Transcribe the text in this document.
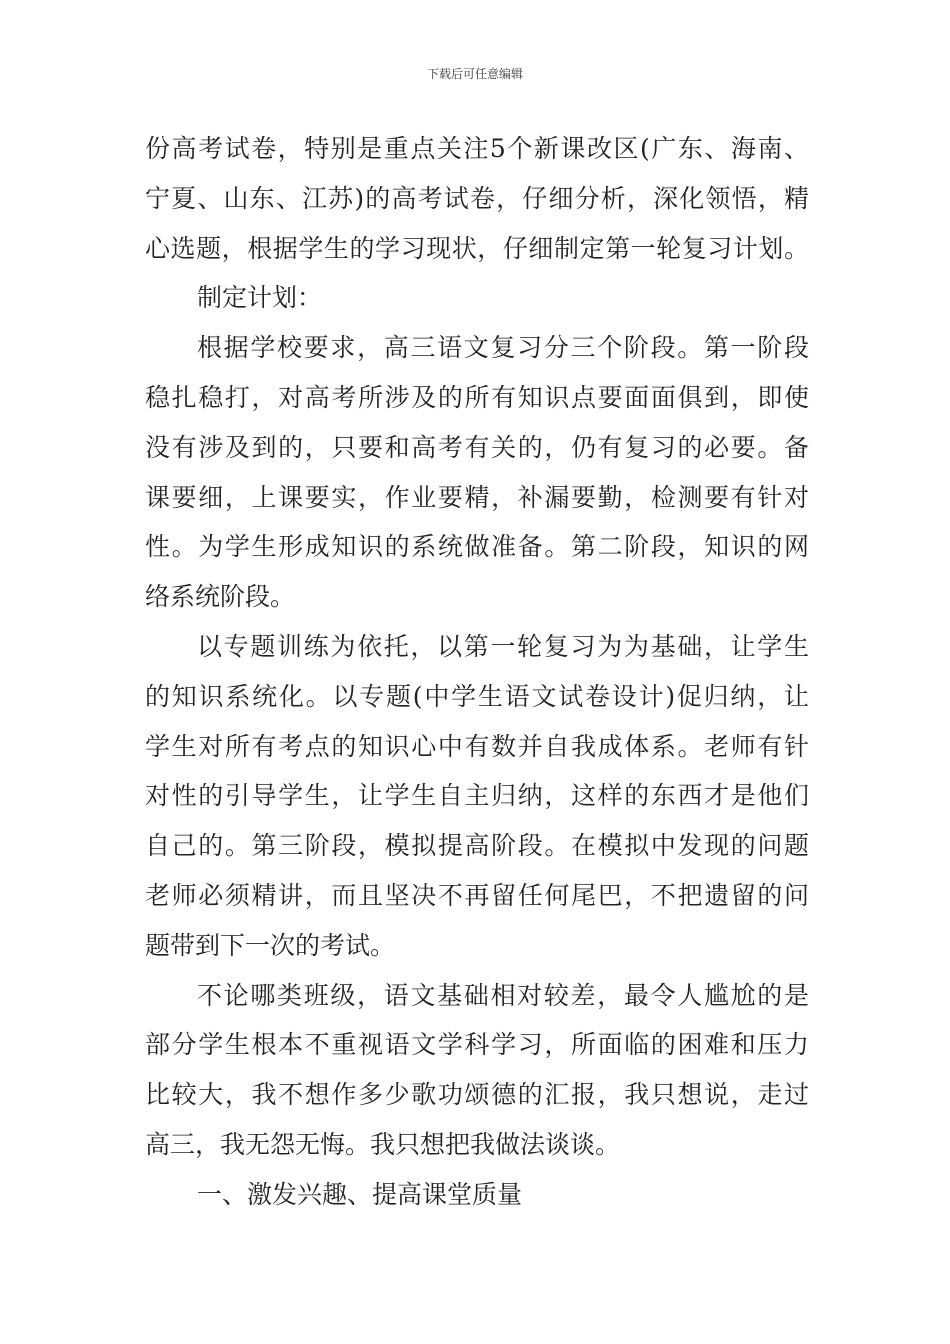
下载后可任意编辑
份高考试卷，特别是重点关注5个新课改区(广东、海南、
宁夏、山东、江苏)的高考试卷，仔细分析，深化领悟，精
心选题，根据学生的学习现状，仔细制定第一轮复习计划。
制定计划：
根据学校要求，高三语文复习分三个阶段。第一阶段
稳扎稳打，对高考所涉及的所有知识点要面面俱到，即使
没有涉及到的，只要和高考有关的，仍有复习的必要。备
课要细，上课要实，作业要精，补漏要勤，检测要有针对
性。为学生形成知识的系统做准备。第二阶段，知识的网
络系统阶段。
以专题训练为依托，以第一轮复习为为基础，让学生
的知识系统化。以专题(中学生语文试卷设计)促归纳，让
学生对所有考点的知识心中有数并自我成体系。老师有针
对性的引导学生，让学生自主归纳，这样的东西才是他们
自己的。第三阶段，模拟提高阶段。在模拟中发现的问题
老师必须精讲，而且坚决不再留任何尾巴，不把遗留的问
题带到下一次的考试。
不论哪类班级，语文基础相对较差，最令人尴尬的是
部分学生根本不重视语文学科学习，所面临的困难和压力
比较大，我不想作多少歌功颂德的汇报，我只想说，走过
高三，我无怨无悔。我只想把我做法谈谈。
一、激发兴趣、提高课堂质量
